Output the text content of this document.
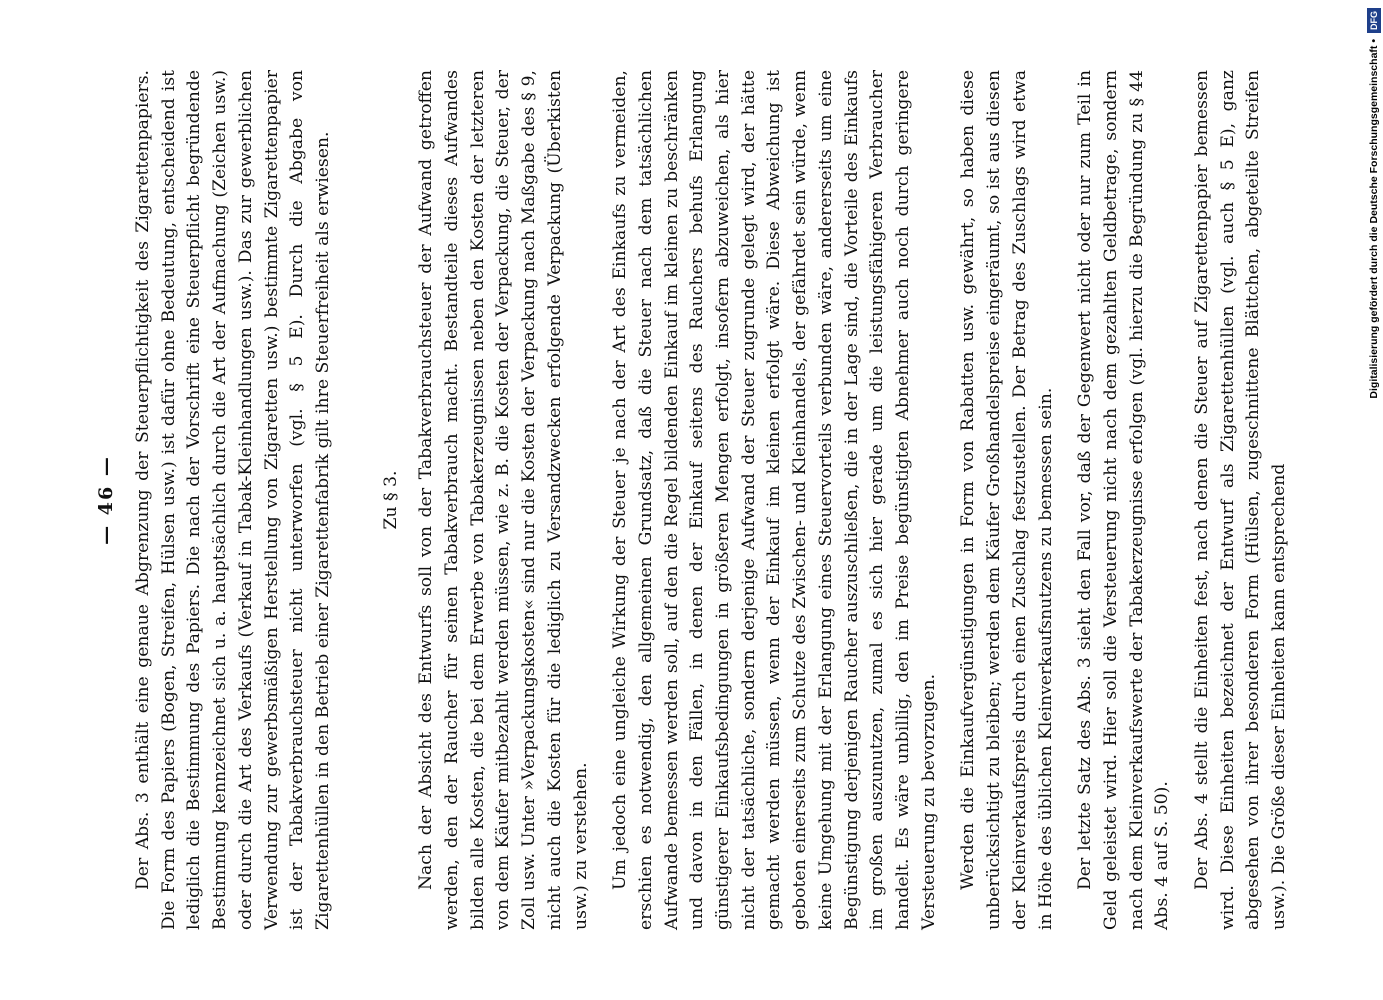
— 46 — Der Abs. 3 enthält eine genaue Abgrenzung der Steuerpflichtigkeit des Zigarettenpapiers. Die Form des Papiers (Bogen, Streifen, Hülsen usw.) ist dafür ohne Bedeutung, entscheidend ist lediglich die Bestimmung des Papiers. Die nach der Vorschrift eine Steuerpflicht begründende Bestimmung kennzeichnet sich u. a. hauptsächlich durch die Art der Aufmachung (Zeichen usw.) oder durch die Art des Verkaufs (Verkauf in Tabak-Kleinhandlungen usw.). Das zur gewerblichen Verwendung zur gewerbsmäßigen Herstellung von Zigaretten usw.) bestimmte Zigarettenpapier ist der Tabakverbrauchsteuer nicht unterworfen (vgl. § 5 E). Durch die Abgabe von Zigarettenhüllen in den Betrieb einer Zigarettenfabrik gilt ihre Steuerfreiheit als erwiesen.	Zu § 3. Nach der Absicht des Entwurfs soll von der Tabakverbrauchsteuer der Aufwand getroffen werden, den der Raucher für seinen Tabakverbrauch macht. Bestandteile dieses Aufwandes bilden alle Kosten, die bei dem Erwerbe von Tabakerzeugnissen neben den Kosten der letzteren von dem Käufer mitbezahlt werden müssen, wie z. B. die Kosten der Verpackung, die Steuer, der Zoll usw. Unter »Verpackungskosten« sind nur die Kosten der Verpackung nach Maßgabe des § 9, nicht auch die Kosten für die lediglich zu Versandzwecken erfolgende Verpackung (Überkisten usw.) zu verstehen. Um jedoch eine ungleiche Wirkung der Steuer je nach der Art des Einkaufs zu vermeiden, erschien es notwendig, den allgemeinen Grundsatz, daß die Steuer nach dem tatsächlichen Aufwande bemessen werden soll, auf den die Regel bildenden Einkauf im kleinen zu beschränken und davon in den Fällen, in denen der Einkauf seitens des Rauchers behufs Erlangung günstigerer Einkaufsbedingungen in größeren Mengen erfolgt, insofern abzuweichen, als hier nicht der tatsächliche, sondern derjenige Aufwand der Steuer zugrunde gelegt wird, der hätte gemacht werden müssen, wenn der Einkauf im kleinen erfolgt wäre. Diese Abweichung ist geboten einerseits zum Schutze des Zwischen- und Kleinhandels, der gefährdet sein würde, wenn keine Umgehung mit der Erlangung eines Steuervorteils verbunden wäre, andererseits um eine Begünstigung derjenigen Raucher auszuschließen, die in der Lage sind, die Vorteile des Einkaufs im großen auszunutzen, zumal es sich hier gerade um die leistungsfähigeren Verbraucher handelt. Es wäre unbillig, den im Preise begünstigten Abnehmer auch noch durch geringere Versteuerung zu bevorzugen. Werden die Einkaufvergünstigungen in Form von Rabatten usw. gewährt, so haben diese unberücksichtigt zu bleiben; werden dem Käufer Großhandelspreise eingeräumt, so ist aus diesen der Kleinverkaufspreis durch einen Zuschlag festzustellen. Der Betrag des Zuschlags wird etwa in Höhe des üblichen Kleinverkaufsnutzens zu bemessen sein. Der letzte Satz des Abs. 3 sieht den Fall vor, daß der Gegenwert nicht oder nur zum Teil in Geld geleistet wird. Hier soll die Versteuerung nicht nach dem gezahlten Geldbetrage, sondern nach dem Kleinverkaufswerte der Tabakerzeugnisse erfolgen (vgl. hierzu die Begründung zu § 44 Abs. 4 auf S. 50). Der Abs. 4 stellt die Einheiten fest, nach denen die Steuer auf Zigarettenpapier bemessen wird. Diese Einheiten bezeichnet der Entwurf als Zigarettenhüllen (vgl. auch § 5 E), ganz abgesehen von ihrer besonderen Form (Hülsen, zugeschnittene Blättchen, abgeteilte Streifen usw.). Die Größe dieser Einheiten kann entsprechend

Digitalisierung gefördert durch die Deutsche Forschungsgemeinschaft •
DFG
